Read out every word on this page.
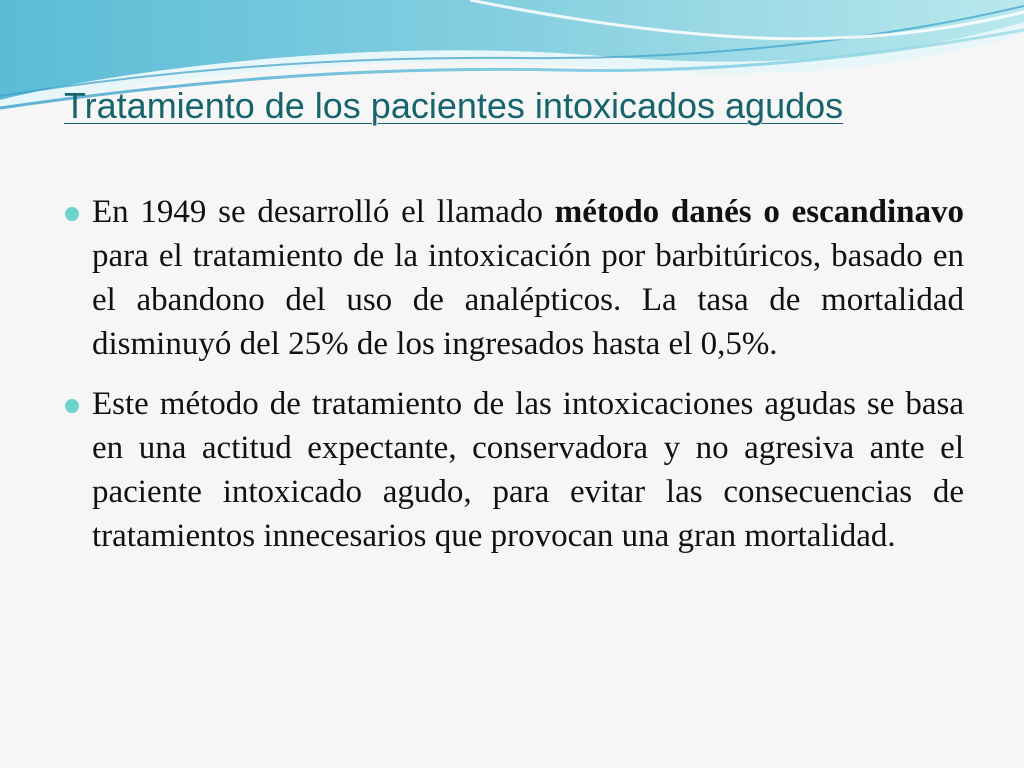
Tratamiento de los pacientes intoxicados agudos
En 1949 se desarrolló el llamado método danés o escandinavo para el tratamiento de la intoxicación por barbitúricos, basado en el abandono del uso de analépticos. La tasa de mortalidad disminuyó del 25% de los ingresados hasta el 0,5%.
Este método de tratamiento de las intoxicaciones agudas se basa en una actitud expectante, conservadora y no agresiva ante el paciente intoxicado agudo, para evitar las consecuencias de tratamientos innecesarios que provocan una gran mortalidad.
